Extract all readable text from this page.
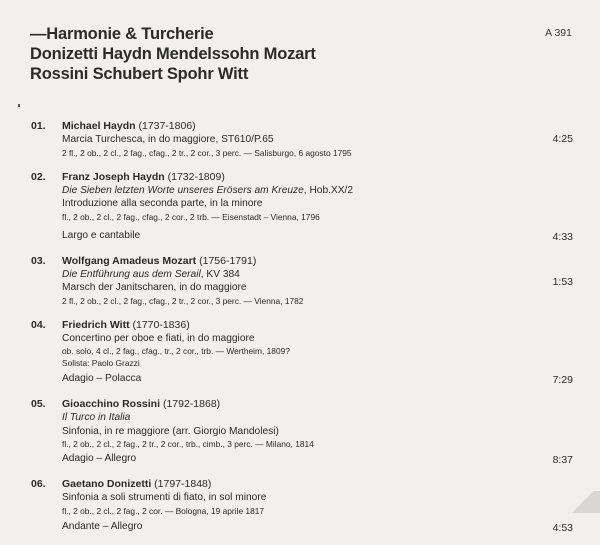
—Harmonie & Turcherie
Donizetti Haydn Mendelssohn Mozart
Rossini Schubert Spohr Witt
A 391
01. Michael Haydn (1737-1806)
Marcia Turchesca, in do maggiore, ST610/P.65
2 fl., 2 ob., 2 cl., 2 fag., cfag., 2 tr., 2 cor., 3 perc. — Salisburgo, 6 agosto 1795
4:25
02. Franz Joseph Haydn (1732-1809)
Die Sieben letzten Worte unseres Erösers am Kreuze, Hob.XX/2
Introduzione alla seconda parte, in la minore
fl., 2 ob., 2 cl., 2 fag., cfag., 2 cor., 2 trb. — Eisenstadt – Vienna, 1796
Largo e cantabile	4:33
03. Wolfgang Amadeus Mozart (1756-1791)
Die Entführung aus dem Serail, KV 384
Marsch der Janitscharen, in do maggiore
2 fl., 2 ob., 2 cl., 2 fag., cfag., 2 tr., 2 cor., 3 perc. — Vienna, 1782
1:53
04. Friedrich Witt (1770-1836)
Concertino per oboe e fiati, in do maggiore
ob. solo, 4 cl., 2 fag., cfag., tr., 2 cor., trb. — Wertheim, 1809?
Solista: Paolo Grazzi
Adagio – Polacca	7:29
05. Gioacchino Rossini (1792-1868)
Il Turco in Italia
Sinfonia, in re maggiore (arr. Giorgio Mandolesi)
fl., 2 ob., 2 cl., 2 fag., 2 tr., 2 cor., trb., cimb., 3 perc. — Milano, 1814
Adagio – Allegro	8:37
06. Gaetano Donizetti (1797-1848)
Sinfonia a soli strumenti di fiato, in sol minore
fl., 2 ob., 2 cl., 2 fag., 2 cor. — Bologna, 19 aprile 1817
Andante – Allegro	4:53
